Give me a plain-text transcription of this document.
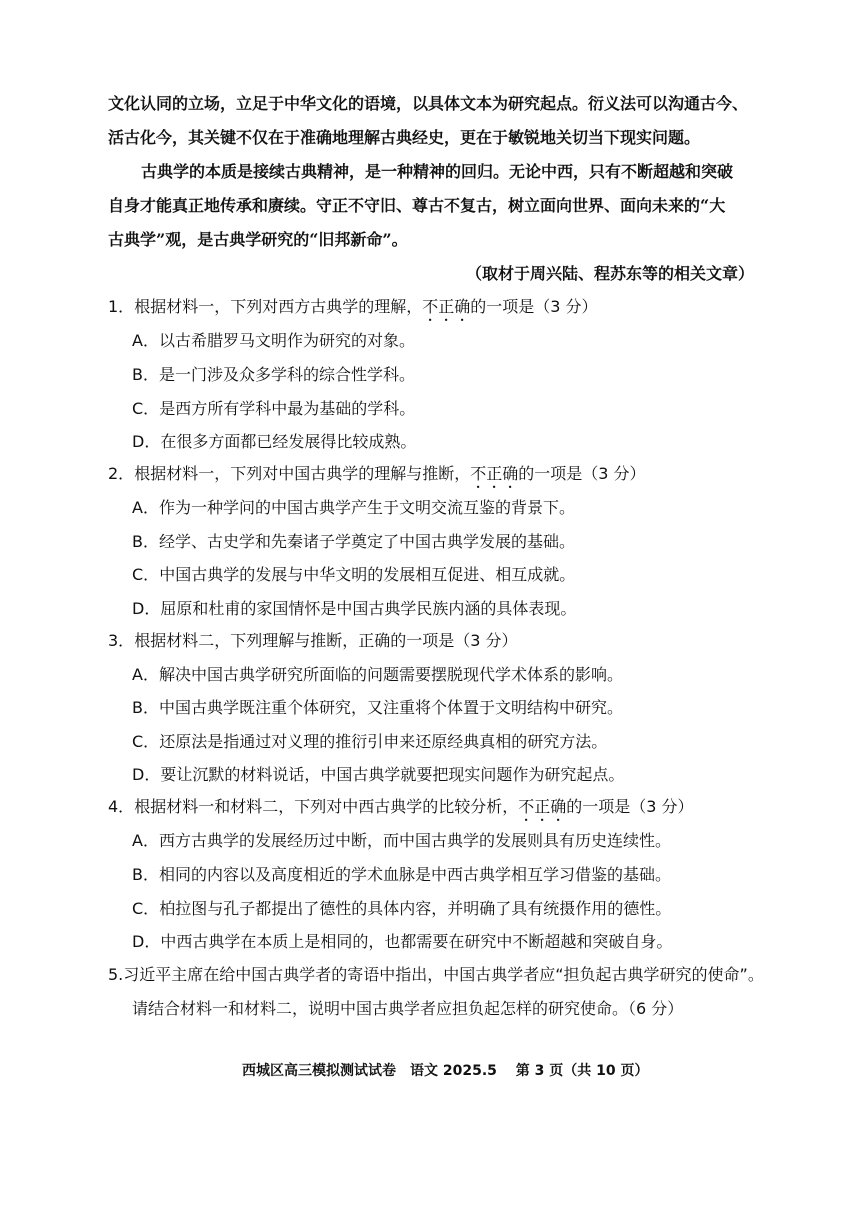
文化认同的立场，立足于中华文化的语境，以具体文本为研究起点。衍义法可以沟通古今、
活古化今，其关键不仅在于准确地理解古典经史，更在于敏锐地关切当下现实问题。
古典学的本质是接续古典精神，是一种精神的回归。无论中西，只有不断超越和突破
自身才能真正地传承和赓续。守正不守旧、尊古不复古，树立面向世界、面向未来的“大
古典学”观，是古典学研究的“旧邦新命”。
（取材于周兴陆、程苏东等的相关文章）
1．根据材料一，下列对西方古典学的理解，不正确的一项是（3 分）
A．以古希腊罗马文明作为研究的对象。
B．是一门涉及众多学科的综合性学科。
C．是西方所有学科中最为基础的学科。
D．在很多方面都已经发展得比较成熟。
2．根据材料一，下列对中国古典学的理解与推断，不正确的一项是（3 分）
A．作为一种学问的中国古典学产生于文明交流互鉴的背景下。
B．经学、古史学和先秦诸子学奠定了中国古典学发展的基础。
C．中国古典学的发展与中华文明的发展相互促进、相互成就。
D．屈原和杜甫的家国情怀是中国古典学民族内涵的具体表现。
3．根据材料二，下列理解与推断，正确的一项是（3 分）
A．解决中国古典学研究所面临的问题需要摆脱现代学术体系的影响。
B．中国古典学既注重个体研究，又注重将个体置于文明结构中研究。
C．还原法是指通过对义理的推衍引申来还原经典真相的研究方法。
D．要让沉默的材料说话，中国古典学就要把现实问题作为研究起点。
4．根据材料一和材料二，下列对中西古典学的比较分析，不正确的一项是（3 分）
A．西方古典学的发展经历过中断，而中国古典学的发展则具有历史连续性。
B．相同的内容以及高度相近的学术血脉是中西古典学相互学习借鉴的基础。
C．柏拉图与孔子都提出了德性的具体内容，并明确了具有统摄作用的德性。
D．中西古典学在本质上是相同的，也都需要在研究中不断超越和突破自身。
5.习近平主席在给中国古典学者的寄语中指出，中国古典学者应“担负起古典学研究的使命”。
请结合材料一和材料二，说明中国古典学者应担负起怎样的研究使命。（6 分）
西城区高三模拟测试试卷　语文 2025.5　 第 3 页（共 10 页）
